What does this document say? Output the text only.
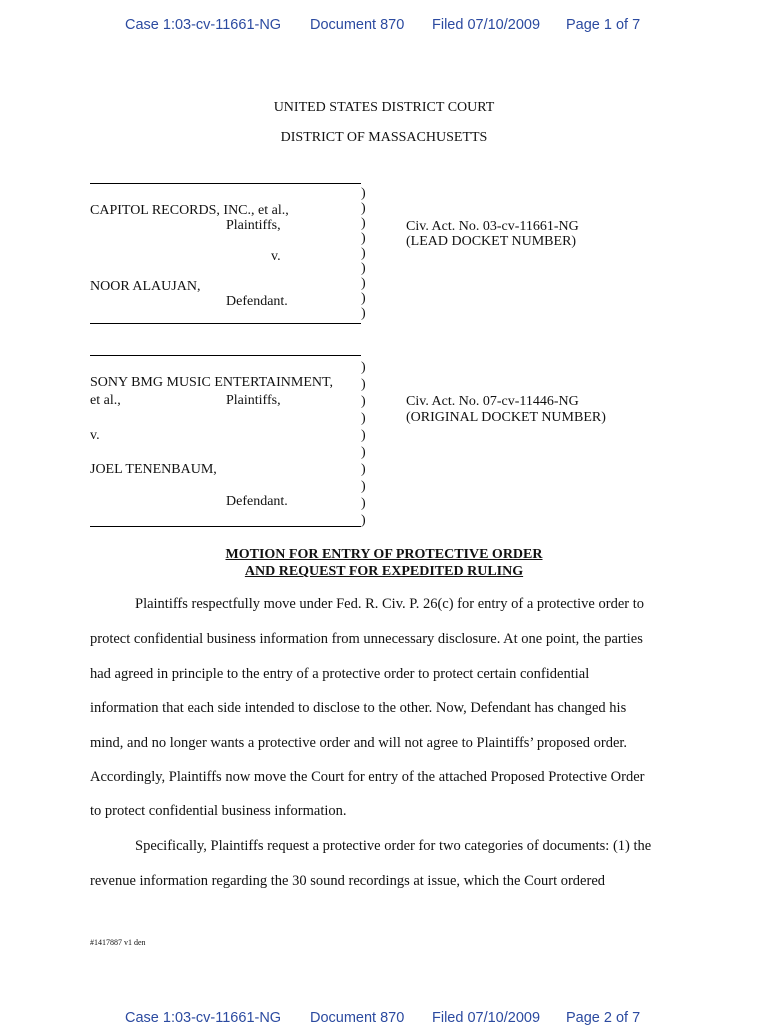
Case 1:03-cv-11661-NG Document 870 Filed 07/10/2009 Page 1 of 7
UNITED STATES DISTRICT COURT
DISTRICT OF MASSACHUSETTS
CAPITOL RECORDS, INC., et al.,
Plaintiffs,
v.
NOOR ALAUJAN,
Defendant.
)
)
)
)
)
)
)
)
)
Civ. Act. No. 03-cv-11661-NG
(LEAD DOCKET NUMBER)
SONY BMG MUSIC ENTERTAINMENT,
et al.,	Plaintiffs,
v.
JOEL TENENBAUM,
Defendant.
)
)
)
)
)
)
)
)
)
)
Civ. Act. No. 07-cv-11446-NG
(ORIGINAL DOCKET NUMBER)
MOTION FOR ENTRY OF PROTECTIVE ORDER
AND REQUEST FOR EXPEDITED RULING
Plaintiffs respectfully move under Fed. R. Civ. P. 26(c) for entry of a protective order to
protect confidential business information from unnecessary disclosure. At one point, the parties
had agreed in principle to the entry of a protective order to protect certain confidential
information that each side intended to disclose to the other. Now, Defendant has changed his
mind, and no longer wants a protective order and will not agree to Plaintiffs’ proposed order.
Accordingly, Plaintiffs now move the Court for entry of the attached Proposed Protective Order
to protect confidential business information.
Specifically, Plaintiffs request a protective order for two categories of documents: (1) the
revenue information regarding the 30 sound recordings at issue, which the Court ordered
#1417887 v1 den
Case 1:03-cv-11661-NG Document 870 Filed 07/10/2009 Page 2 of 7
